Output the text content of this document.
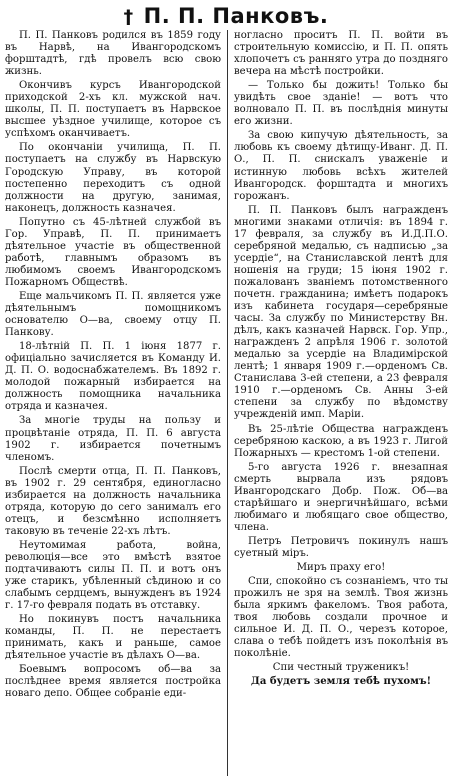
† П. П. Панковъ.

П. П. Панковъ родился въ 1859 году въ Нарвѣ, на Ивангородскомъ форштадтѣ, гдѣ провелъ всю свою жизнь.

Окончивъ курсъ Ивангородской приходской 2-хъ кл. мужской нач. школы, П. П. поступаетъ въ Нарвское высшее уѣздное училище, которое съ успѣхомъ оканчиваетъ.

По окончаніи училища, П. П. поступаетъ на службу въ Нарвскую Городскую Управу, въ которой постепенно переходитъ съ одной должности на другую, занимая, наконецъ, должность казначея.

Попутно съ 45-лѣтней службой въ Гор. Управѣ, П. П. принимаетъ дѣятельное участіе въ общественной работѣ, главнымъ образомъ въ любимомъ своемъ Ивангородскомъ Пожарномъ Обществѣ.

Еще мальчикомъ П. П. является уже дѣятельнымъ помощникомъ основателю О—ва, своему отцу П. Панкову.

18-лѣтній П. П. 1 іюня 1877 г. офиціально зачисляется въ Команду И. Д. П. О. водоснабжателемъ. Въ 1892 г. молодой пожарный избирается на должность помощника начальника отряда и казначея.

За многіе труды на пользу и процвѣтаніе отряда, П. П. 6 августа 1902 г. избирается почетнымъ членомъ.

Послѣ смерти отца, П. П. Панковъ, въ 1902 г. 29 сентября, единогласно избирается на должность начальника отряда, которую до сего занималъ его отецъ, и безсмѣнно исполняетъ таковую въ теченіе 22-хъ лѣтъ.

Неутомимая работа, война, революція—все это вмѣстѣ взятое подтачиваютъ силы П. П. и вотъ онъ уже старикъ, убѣленный сѣдиною и со слабымъ сердцемъ, вынужденъ въ 1924 г. 17-го февраля подать въ отставку.

Но покинувъ постъ начальника команды, П. П. не перестаетъ принимать, какъ и раньше, самое дѣятельное участіе въ дѣлахъ О—ва.

Боевымъ вопросомъ об—ва за послѣднее время является постройка новаго депо. Общее собраніе еди-

ногласно проситъ П. П. войти въ строительную комиссію, и П. П. опять хлопочетъ съ ранняго утра до поздняго вечера на мѣстѣ постройки.

— Только бы дожить! Только бы увидѣть свое зданіе! — вотъ что волновало П. П. въ послѣднія минуты его жизни.

За свою кипучую дѣятельность, за любовь къ своему дѣтищу-Иванг. Д. П. О., П. П. снискалъ уваженіе и истинную любовь всѣхъ жителей Ивангородск. форштадта и многихъ горожанъ.

П. П. Панковъ былъ награжденъ многими знаками отличія: въ 1894 г. 17 февраля, за службу въ И.Д.П.О. серебряной медалью, съ надписью „за усердіе“, на Станиславской лентѣ для ношенія на груди; 15 іюня 1902 г. пожалованъ званіемъ потомственного почетн. гражданина; имѣетъ подарокъ изъ кабинета государя—серебряные часы. За службу по Министерству Вн. дѣлъ, какъ казначей Нарвск. Гор. Упр., награжденъ 2 апрѣля 1906 г. золотой медалью за усердіе на Владимірской лентѣ; 1 января 1909 г.—орденомъ Св. Станислава 3-ей степени, а 23 февраля 1910 г.—орденомъ Св. Анны 3-ей степени за службу по вѣдомству учрежденій имп. Маріи.

Въ 25-лѣтіе Общества награжденъ серебряною каскою, а въ 1923 г. Лигой Пожарныхъ — крестомъ 1-ой степени.

5-го августа 1926 г. внезапная смерть вырвала изъ рядовъ Ивангородскаго Добр. Пож. Об—ва старѣйшаго и энергичнѣйшаго, всѣми любимаго и любящаго свое общество, члена.

Петръ Петровичъ покинулъ нашъ суетный міръ.

Миръ праху его!

Спи, спокойно съ сознаніемъ, что ты прожилъ не зря на землѣ. Твоя жизнь была яркимъ факеломъ. Твоя работа, твоя любовь создали прочное и сильное И. Д. П. О., черезъ которое, слава о тебѣ пойдетъ изъ поколѣнія въ поколѣніе.

Спи честный труженикъ!

Да будетъ земля тебѣ пухомъ!
